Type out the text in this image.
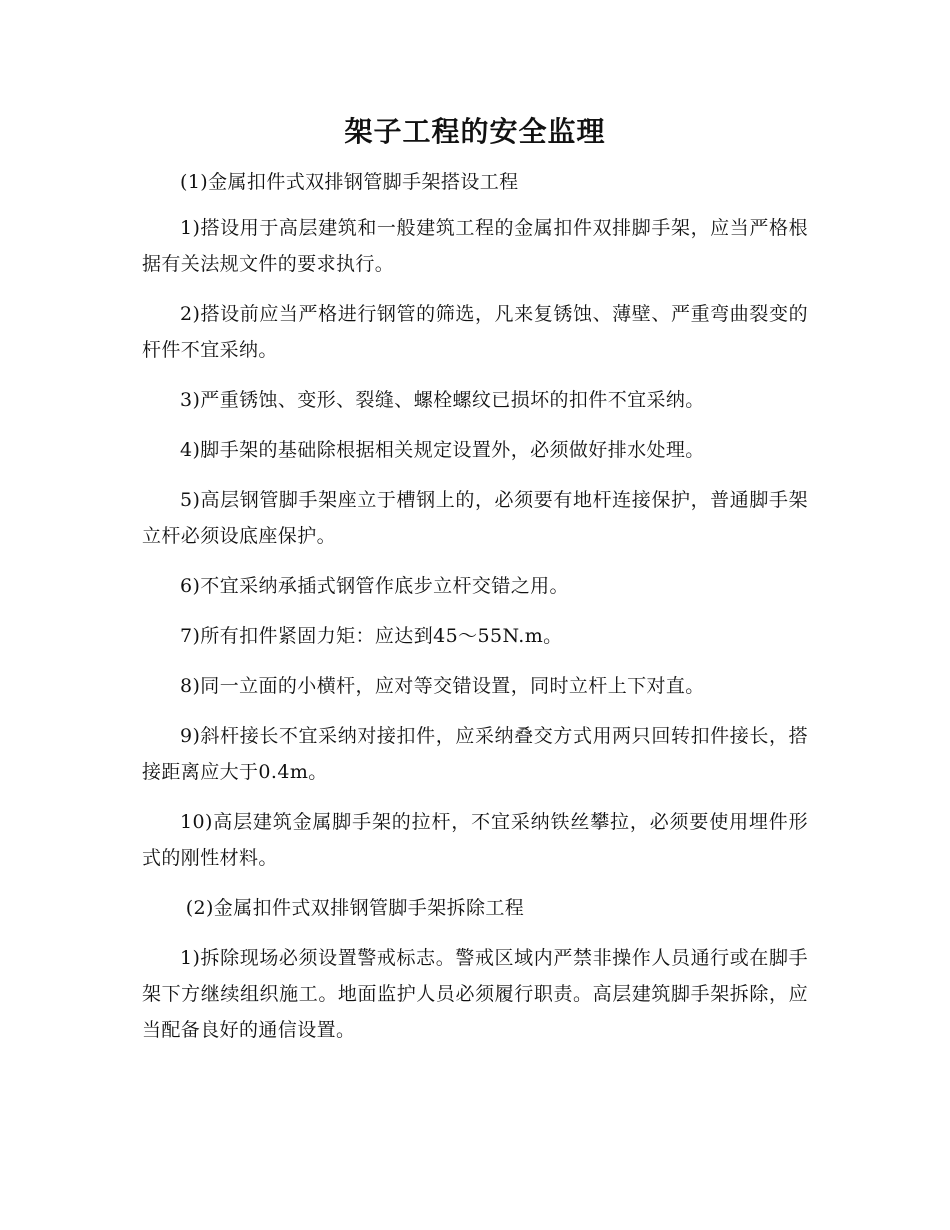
架子工程的安全监理

(1)金属扣件式双排钢管脚手架搭设工程

1)搭设用于高层建筑和一般建筑工程的金属扣件双排脚手架，应当严格根据有关法规文件的要求执行。

2)搭设前应当严格进行钢管的筛选，凡来复锈蚀、薄壁、严重弯曲裂变的杆件不宜采纳。

3)严重锈蚀、变形、裂缝、螺栓螺纹已损坏的扣件不宜采纳。

4)脚手架的基础除根据相关规定设置外，必须做好排水处理。

5)高层钢管脚手架座立于槽钢上的，必须要有地杆连接保护，普通脚手架立杆必须设底座保护。

6)不宜采纳承插式钢管作底步立杆交错之用。

7)所有扣件紧固力矩：应达到45～55N.m。

8)同一立面的小横杆，应对等交错设置，同时立杆上下对直。

9)斜杆接长不宜采纳对接扣件，应采纳叠交方式用两只回转扣件接长，搭接距离应大于0.4m。

10)高层建筑金属脚手架的拉杆，不宜采纳铁丝攀拉，必须要使用埋件形式的刚性材料。

(2)金属扣件式双排钢管脚手架拆除工程

1)拆除现场必须设置警戒标志。警戒区域内严禁非操作人员通行或在脚手架下方继续组织施工。地面监护人员必须履行职责。高层建筑脚手架拆除，应当配备良好的通信设置。
